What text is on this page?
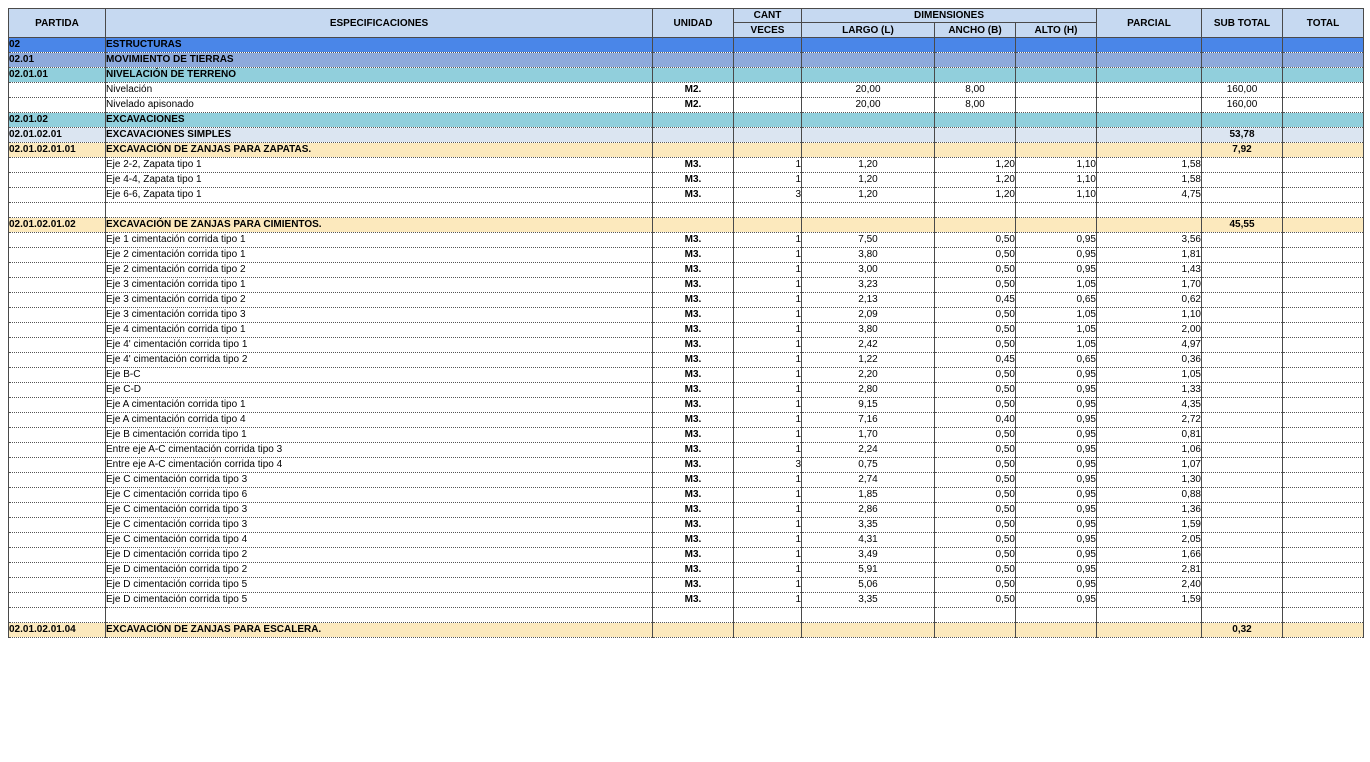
PARTIDA	ESPECIFICACIONES	UNIDAD	CANT	DIMENSIONES			PARCIAL	SUB TOTAL	TOTAL
			VECES	LARGO (L)	ANCHO (B)	ALTO (H)			
02	ESTRUCTURAS								
02.01	MOVIMIENTO DE TIERRAS								
02.01.01	NIVELACIÓN DE TERRENO								
	Nivelación	M2.		20,00	8,00			160,00	
	Nivelado apisonado	M2.		20,00	8,00			160,00	
02.01.02	EXCAVACIONES								
02.01.02.01	EXCAVACIONES SIMPLES							53,78	
02.01.02.01.01	EXCAVACIÓN DE ZANJAS PARA ZAPATAS.							7,92	
	Eje 2-2, Zapata tipo 1	M3.	1	1,20	1,20	1,10	1,58		
	Eje 4-4, Zapata tipo 1	M3.	1	1,20	1,20	1,10	1,58		
	Eje 6-6, Zapata tipo 1	M3.	3	1,20	1,20	1,10	4,75		

02.01.02.01.02	EXCAVACIÓN DE ZANJAS PARA CIMIENTOS.							45,55	
	Eje 1 cimentación corrida tipo 1	M3.	1	7,50	0,50	0,95	3,56		
	Eje 2 cimentación corrida tipo 1	M3.	1	3,80	0,50	0,95	1,81		
	Eje 2 cimentación corrida tipo 2	M3.	1	3,00	0,50	0,95	1,43		
	Eje 3 cimentación corrida tipo 1	M3.	1	3,23	0,50	1,05	1,70		
	Eje 3 cimentación corrida tipo 2	M3.	1	2,13	0,45	0,65	0,62		
	Eje 3 cimentación corrida tipo 3	M3.	1	2,09	0,50	1,05	1,10		
	Eje 4 cimentación corrida tipo 1	M3.	1	3,80	0,50	1,05	2,00		
	Eje 4' cimentación corrida tipo 1	M3.	1	2,42	0,50	1,05	4,97		
	Eje 4' cimentación corrida tipo 2	M3.	1	1,22	0,45	0,65	0,36		
	Eje B-C	M3.	1	2,20	0,50	0,95	1,05		
	Eje C-D	M3.	1	2,80	0,50	0,95	1,33		
	Eje A cimentación corrida tipo 1	M3.	1	9,15	0,50	0,95	4,35		
	Eje A cimentación corrida tipo 4	M3.	1	7,16	0,40	0,95	2,72		
	Eje B cimentación corrida tipo 1	M3.	1	1,70	0,50	0,95	0,81		
	Entre eje A-C cimentación corrida tipo 3	M3.	1	2,24	0,50	0,95	1,06		
	Entre eje A-C cimentación corrida tipo 4	M3.	3	0,75	0,50	0,95	1,07		
	Eje C cimentación corrida tipo 3	M3.	1	2,74	0,50	0,95	1,30		
	Eje C cimentación corrida tipo 6	M3.	1	1,85	0,50	0,95	0,88		
	Eje C cimentación corrida tipo 3	M3.	1	2,86	0,50	0,95	1,36		
	Eje C cimentación corrida tipo 3	M3.	1	3,35	0,50	0,95	1,59		
	Eje C cimentación corrida tipo 4	M3.	1	4,31	0,50	0,95	2,05		
	Eje D cimentación corrida tipo 2	M3.	1	3,49	0,50	0,95	1,66		
	Eje D cimentación corrida tipo 2	M3.	1	5,91	0,50	0,95	2,81		
	Eje D cimentación corrida tipo 5	M3.	1	5,06	0,50	0,95	2,40		
	Eje D cimentación corrida tipo 5	M3.	1	3,35	0,50	0,95	1,59		

02.01.02.01.04	EXCAVACIÓN DE ZANJAS PARA ESCALERA.							0,32	
